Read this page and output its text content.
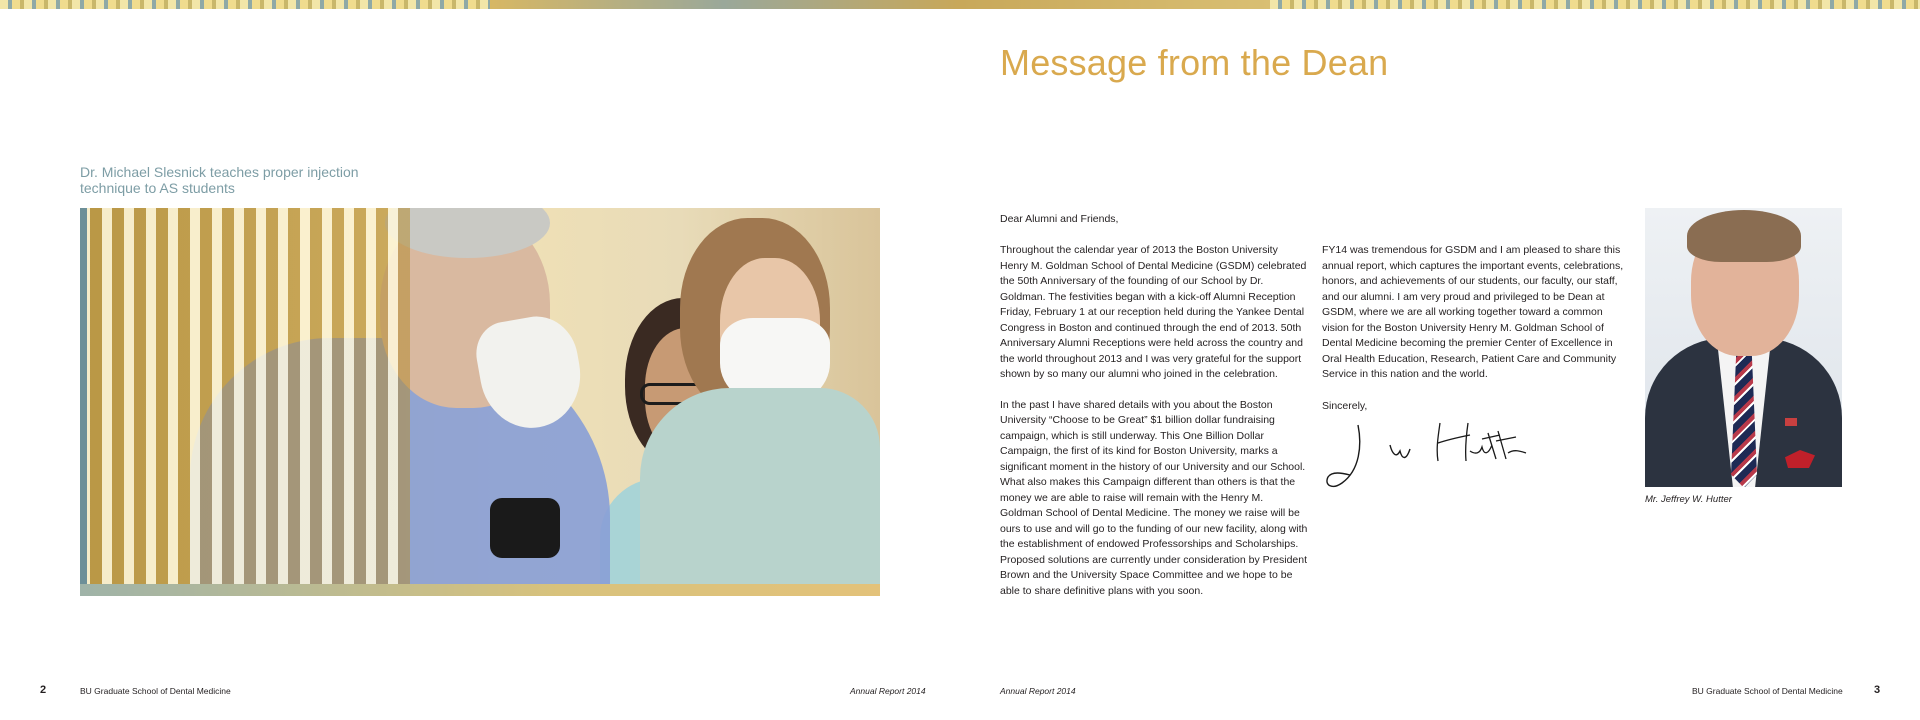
Dr. Michael Slesnick teaches proper injection technique to AS students
Message from the Dean
Dear Alumni and Friends,

Throughout the calendar year of 2013 the Boston University Henry M. Goldman School of Dental Medicine (GSDM) celebrated the 50th Anniversary of the founding of our School by Dr. Goldman. The festivities began with a kick-off Alumni Reception Friday, February 1 at our reception held during the Yankee Dental Congress in Boston and continued through the end of 2013. 50th Anniversary Alumni Receptions were held across the country and the world throughout 2013 and I was very grateful for the support shown by so many our alumni who joined in the celebration.

In the past I have shared details with you about the Boston University “Choose to be Great” $1 billion dollar fundraising campaign, which is still underway. This One Billion Dollar Campaign, the first of its kind for Boston University, marks a significant moment in the history of our University and our School. What also makes this Campaign different than others is that the money we are able to raise will remain with the Henry M. Goldman School of Dental Medicine. The money we raise will be ours to use and will go to the funding of our new facility, along with the establishment of endowed Professorships and Scholarships. Proposed solutions are currently under consideration by President Brown and the University Space Committee and we hope to be able to share definitive plans with you soon.

FY14 was tremendous for GSDM and I am pleased to share this annual report, which captures the important events, celebrations, honors, and achievements of our students, our faculty, our staff, and our alumni. I am very proud and privileged to be Dean at GSDM, where we are all working together toward a common vision for the Boston University Henry M. Goldman School of Dental Medicine becoming the premier Center of Excellence in Oral Health Education, Research, Patient Care and Community Service in this nation and the world.

Sincerely,
Mr. Jeffrey W. Hutter
2	BU Graduate School of Dental Medicine	Annual Report 2014	Annual Report 2014	BU Graduate School of Dental Medicine	3
